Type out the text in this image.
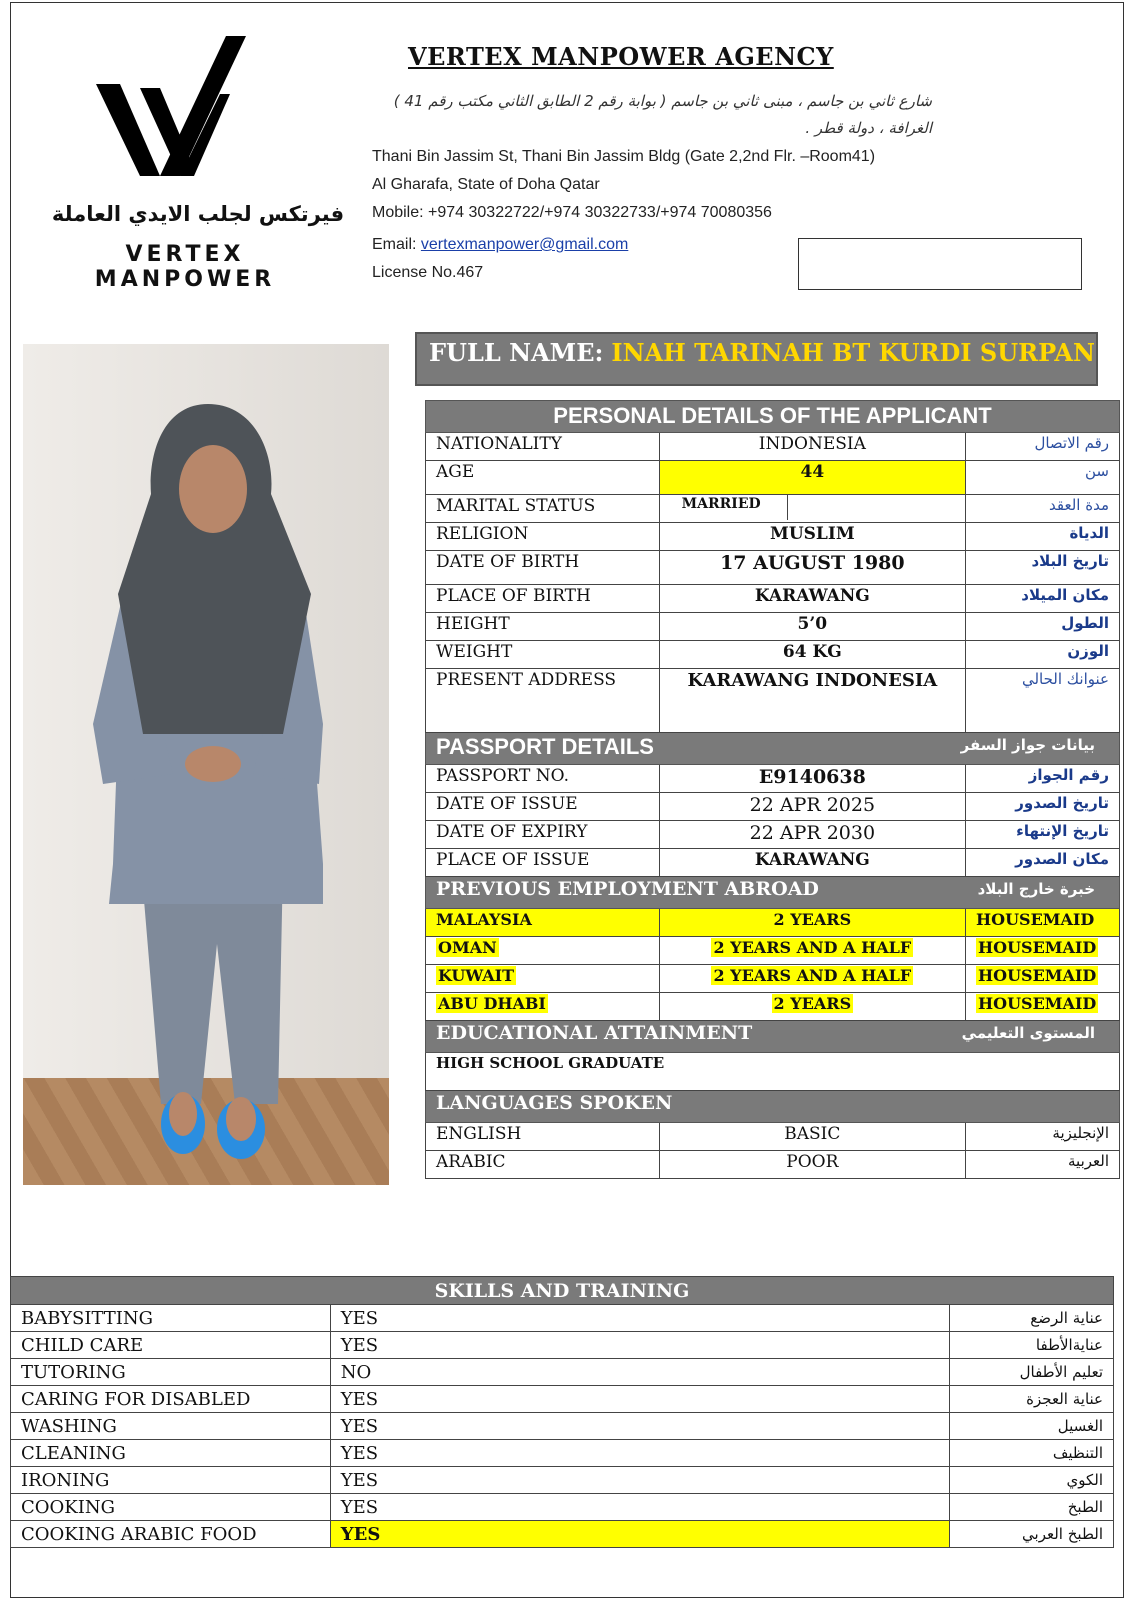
فيرتكس لجلب الايدي العاملة
VERTEX MANPOWER
VERTEX MANPOWER AGENCY
شارع ثاني بن جاسم ، مبنى ثاني بن جاسم ( بوابة رقم 2 الطابق الثاني مكتب رقم 41 ) الغرافة ، دولة قطر .
Thani Bin Jassim St, Thani Bin Jassim Bldg (Gate 2,2nd Flr. –Room41)
Al Gharafa, State of Doha Qatar
Mobile: +974 30322722/+974 30322733/+974 70080356
Email: vertexmanpower@gmail.com
License No.467
FULL NAME: INAH TARINAH BT KURDI SURPAN
PERSONAL DETAILS OF THE APPLICANT		
NATIONALITY	INDONESIA	رقم الاتصال
AGE	44	سن
MARITAL STATUS	MARRIED	مدة العقد
RELIGION	MUSLIM	الدياة
DATE OF BIRTH	17 AUGUST 1980	تاريخ البلاد
PLACE OF BIRTH	KARAWANG	مكان الميلاد
HEIGHT	5’0	الطول
WEIGHT	64 KG	الوزن
PRESENT ADDRESS	KARAWANG INDONESIA	عنوانك الحالي
PASSPORT DETAILS بيانات جواز السفر		

PASSPORT NO.	E9140638	رقم الجواز
DATE OF ISSUE	22 APR 2025	تاريخ الصدور
DATE OF EXPIRY	22 APR 2030	تاريخ الإنتهاء
PLACE OF ISSUE	KARAWANG	مكان الصدور
PREVIOUS EMPLOYMENT ABROAD خبرة خارج البلاد		

MALAYSIA	2 YEARS	HOUSEMAID
OMAN	2 YEARS AND A HALF	HOUSEMAID
KUWAIT	2 YEARS AND A HALF	HOUSEMAID
ABU DHABI	2 YEARS	HOUSEMAID
EDUCATIONAL ATTAINMENT المستوى التعليمي		

HIGH SCHOOL GRADUATE		
LANGUAGES SPOKEN		
ENGLISH	BASIC	الإنجليزية
ARABIC	POOR	العربية
SKILLS AND TRAINING		
BABYSITTING	YES	عناية الرضع
CHILD CARE	YES	عنايةالأطفا
TUTORING	NO	تعليم الأطفال
CARING FOR DISABLED	YES	عناية العجزة
WASHING	YES	الغسيل
CLEANING	YES	التنظيف
IRONING	YES	الكوي
COOKING	YES	الطبخ
COOKING ARABIC FOOD	YES	الطبخ العربي
